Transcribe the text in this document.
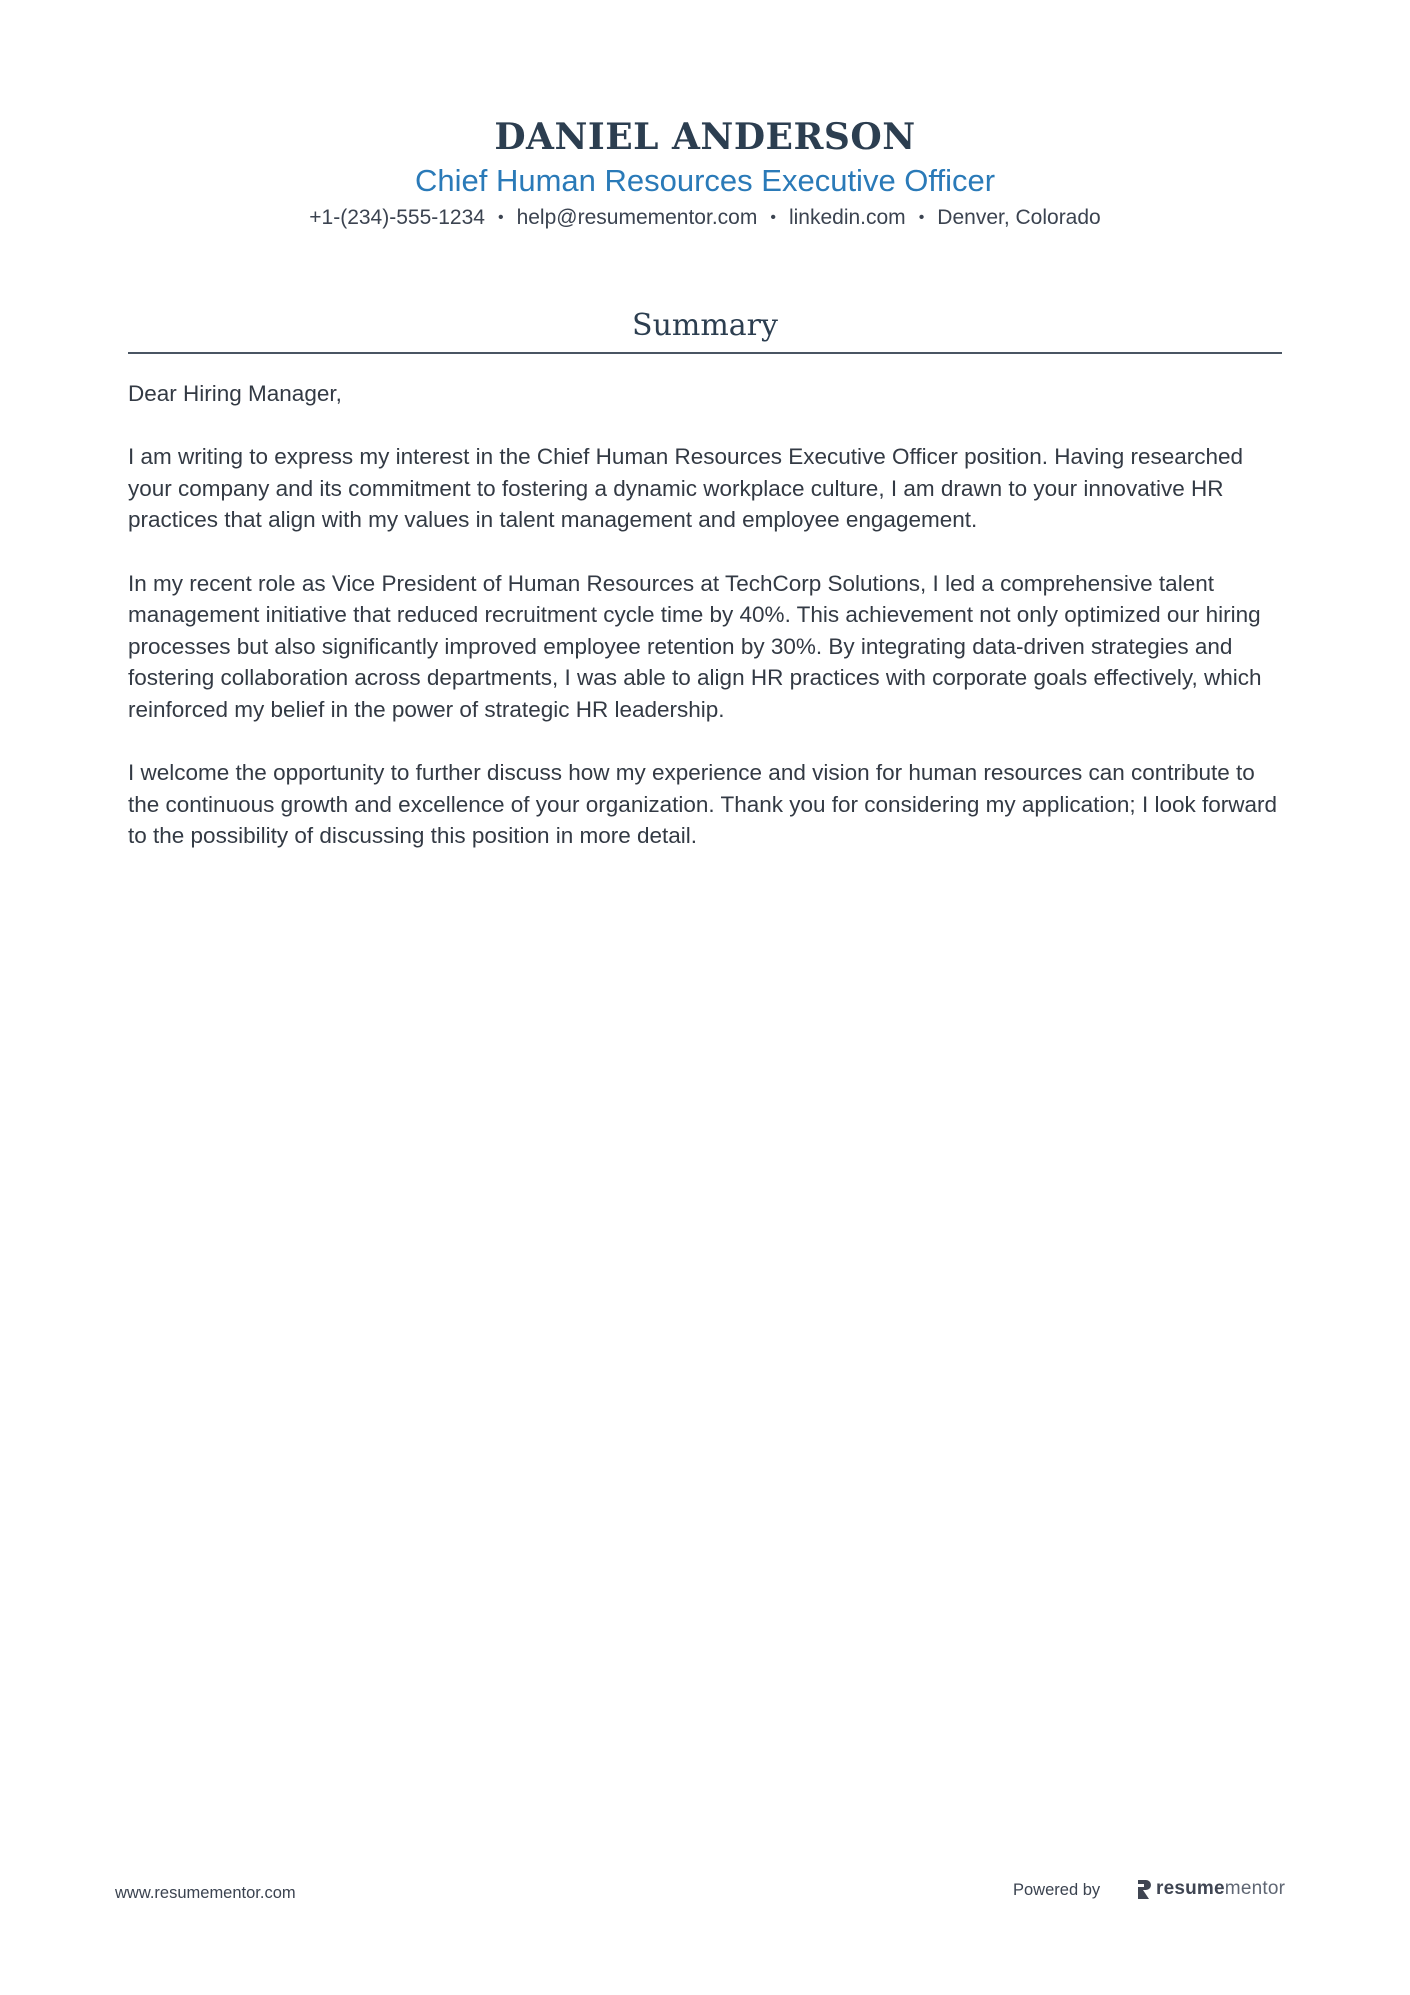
DANIEL ANDERSON
Chief Human Resources Executive Officer
+1-(234)-555-1234 • help@resumementor.com • linkedin.com • Denver, Colorado
Summary

Dear Hiring Manager,

I am writing to express my interest in the Chief Human Resources Executive Officer position. Having researched your company and its commitment to fostering a dynamic workplace culture, I am drawn to your innovative HR practices that align with my values in talent management and employee engagement.

In my recent role as Vice President of Human Resources at TechCorp Solutions, I led a comprehensive talent management initiative that reduced recruitment cycle time by 40%. This achievement not only optimized our hiring processes but also significantly improved employee retention by 30%. By integrating data-driven strategies and fostering collaboration across departments, I was able to align HR practices with corporate goals effectively, which reinforced my belief in the power of strategic HR leadership.

I welcome the opportunity to further discuss how my experience and vision for human resources can contribute to the continuous growth and excellence of your organization. Thank you for considering my application; I look forward to the possibility of discussing this position in more detail.

www.resumementor.com	Powered by	resumementor
